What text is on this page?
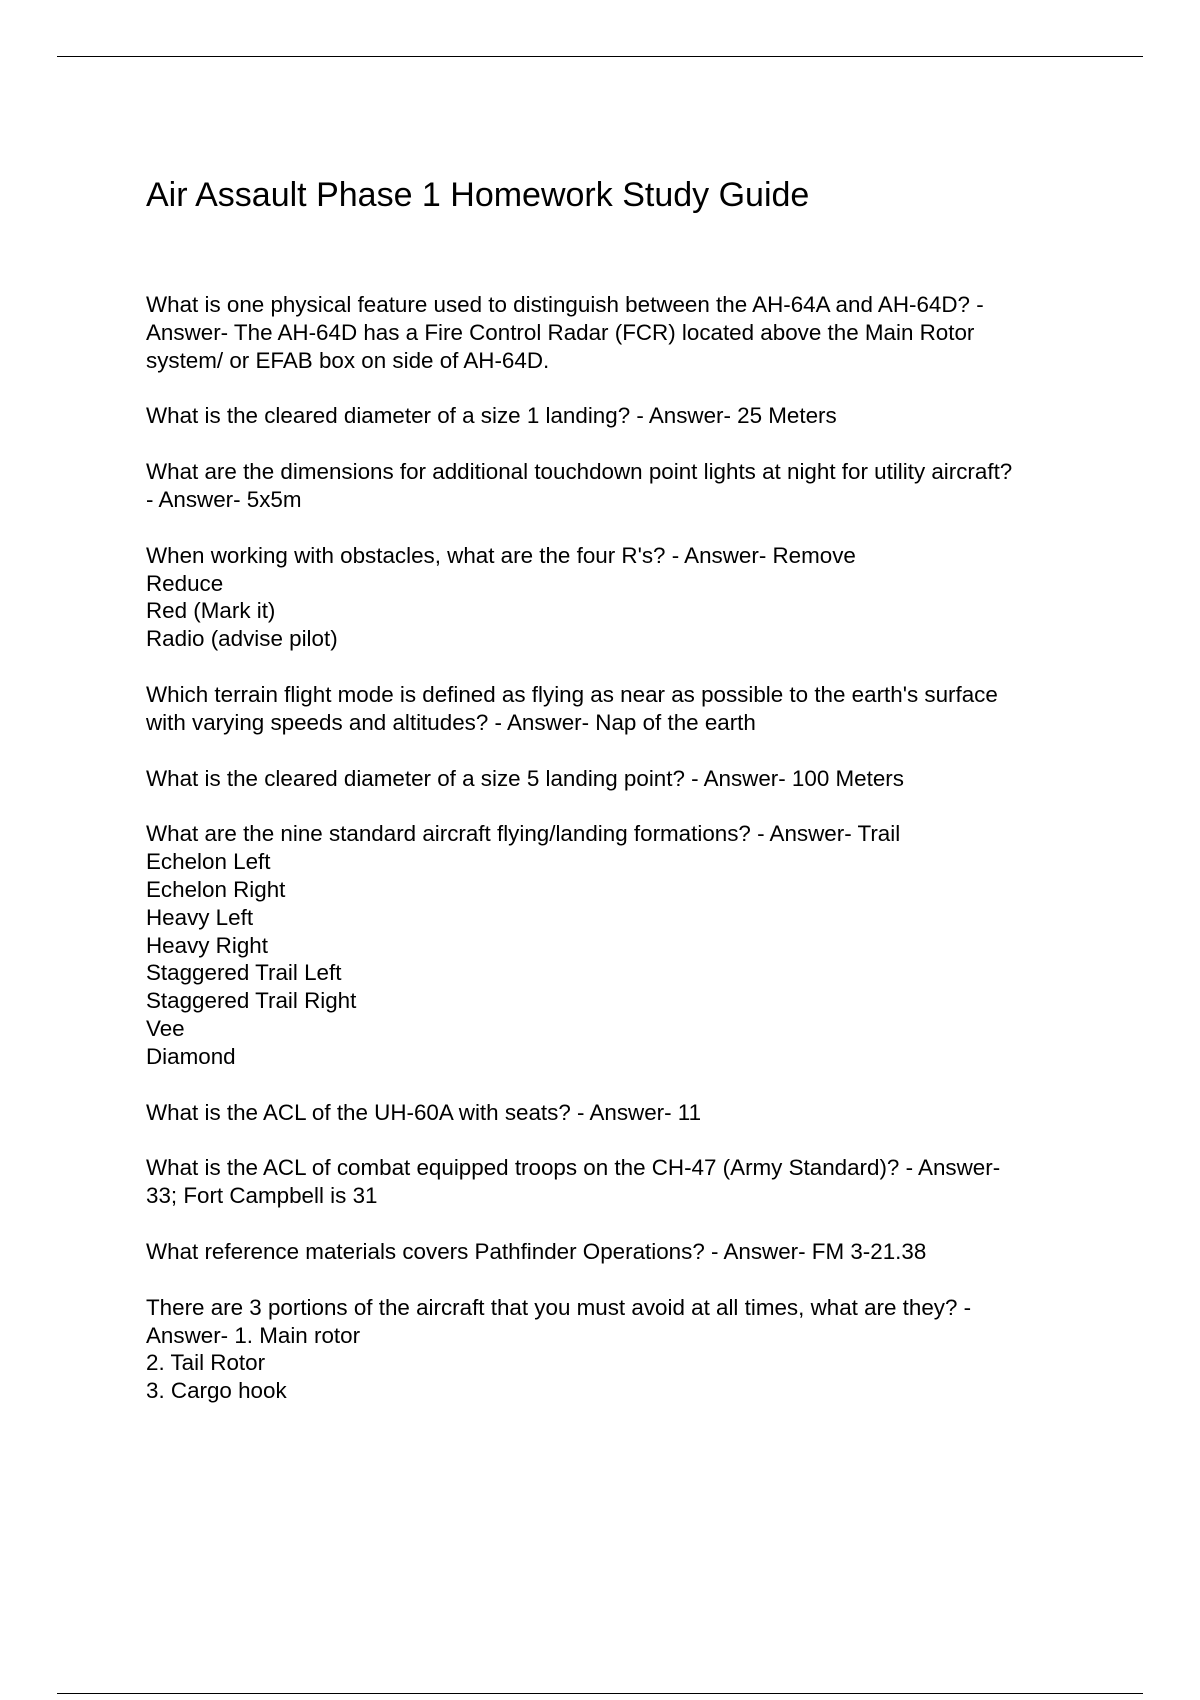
Air Assault Phase 1 Homework Study Guide
What is one physical feature used to distinguish between the AH-64A and AH-64D? -
Answer- The AH-64D has a Fire Control Radar (FCR) located above the Main Rotor
system/ or EFAB box on side of AH-64D.
What is the cleared diameter of a size 1 landing? - Answer- 25 Meters
What are the dimensions for additional touchdown point lights at night for utility aircraft?
- Answer- 5x5m
When working with obstacles, what are the four R's? - Answer- Remove
Reduce
Red (Mark it)
Radio (advise pilot)
Which terrain flight mode is defined as flying as near as possible to the earth's surface
with varying speeds and altitudes? - Answer- Nap of the earth
What is the cleared diameter of a size 5 landing point? - Answer- 100 Meters
What are the nine standard aircraft flying/landing formations? - Answer- Trail
Echelon Left
Echelon Right
Heavy Left
Heavy Right
Staggered Trail Left
Staggered Trail Right
Vee
Diamond
What is the ACL of the UH-60A with seats? - Answer- 11
What is the ACL of combat equipped troops on the CH-47 (Army Standard)? - Answer-
33; Fort Campbell is 31
What reference materials covers Pathfinder Operations? - Answer- FM 3-21.38
There are 3 portions of the aircraft that you must avoid at all times, what are they? -
Answer- 1. Main rotor
2. Tail Rotor
3. Cargo hook
